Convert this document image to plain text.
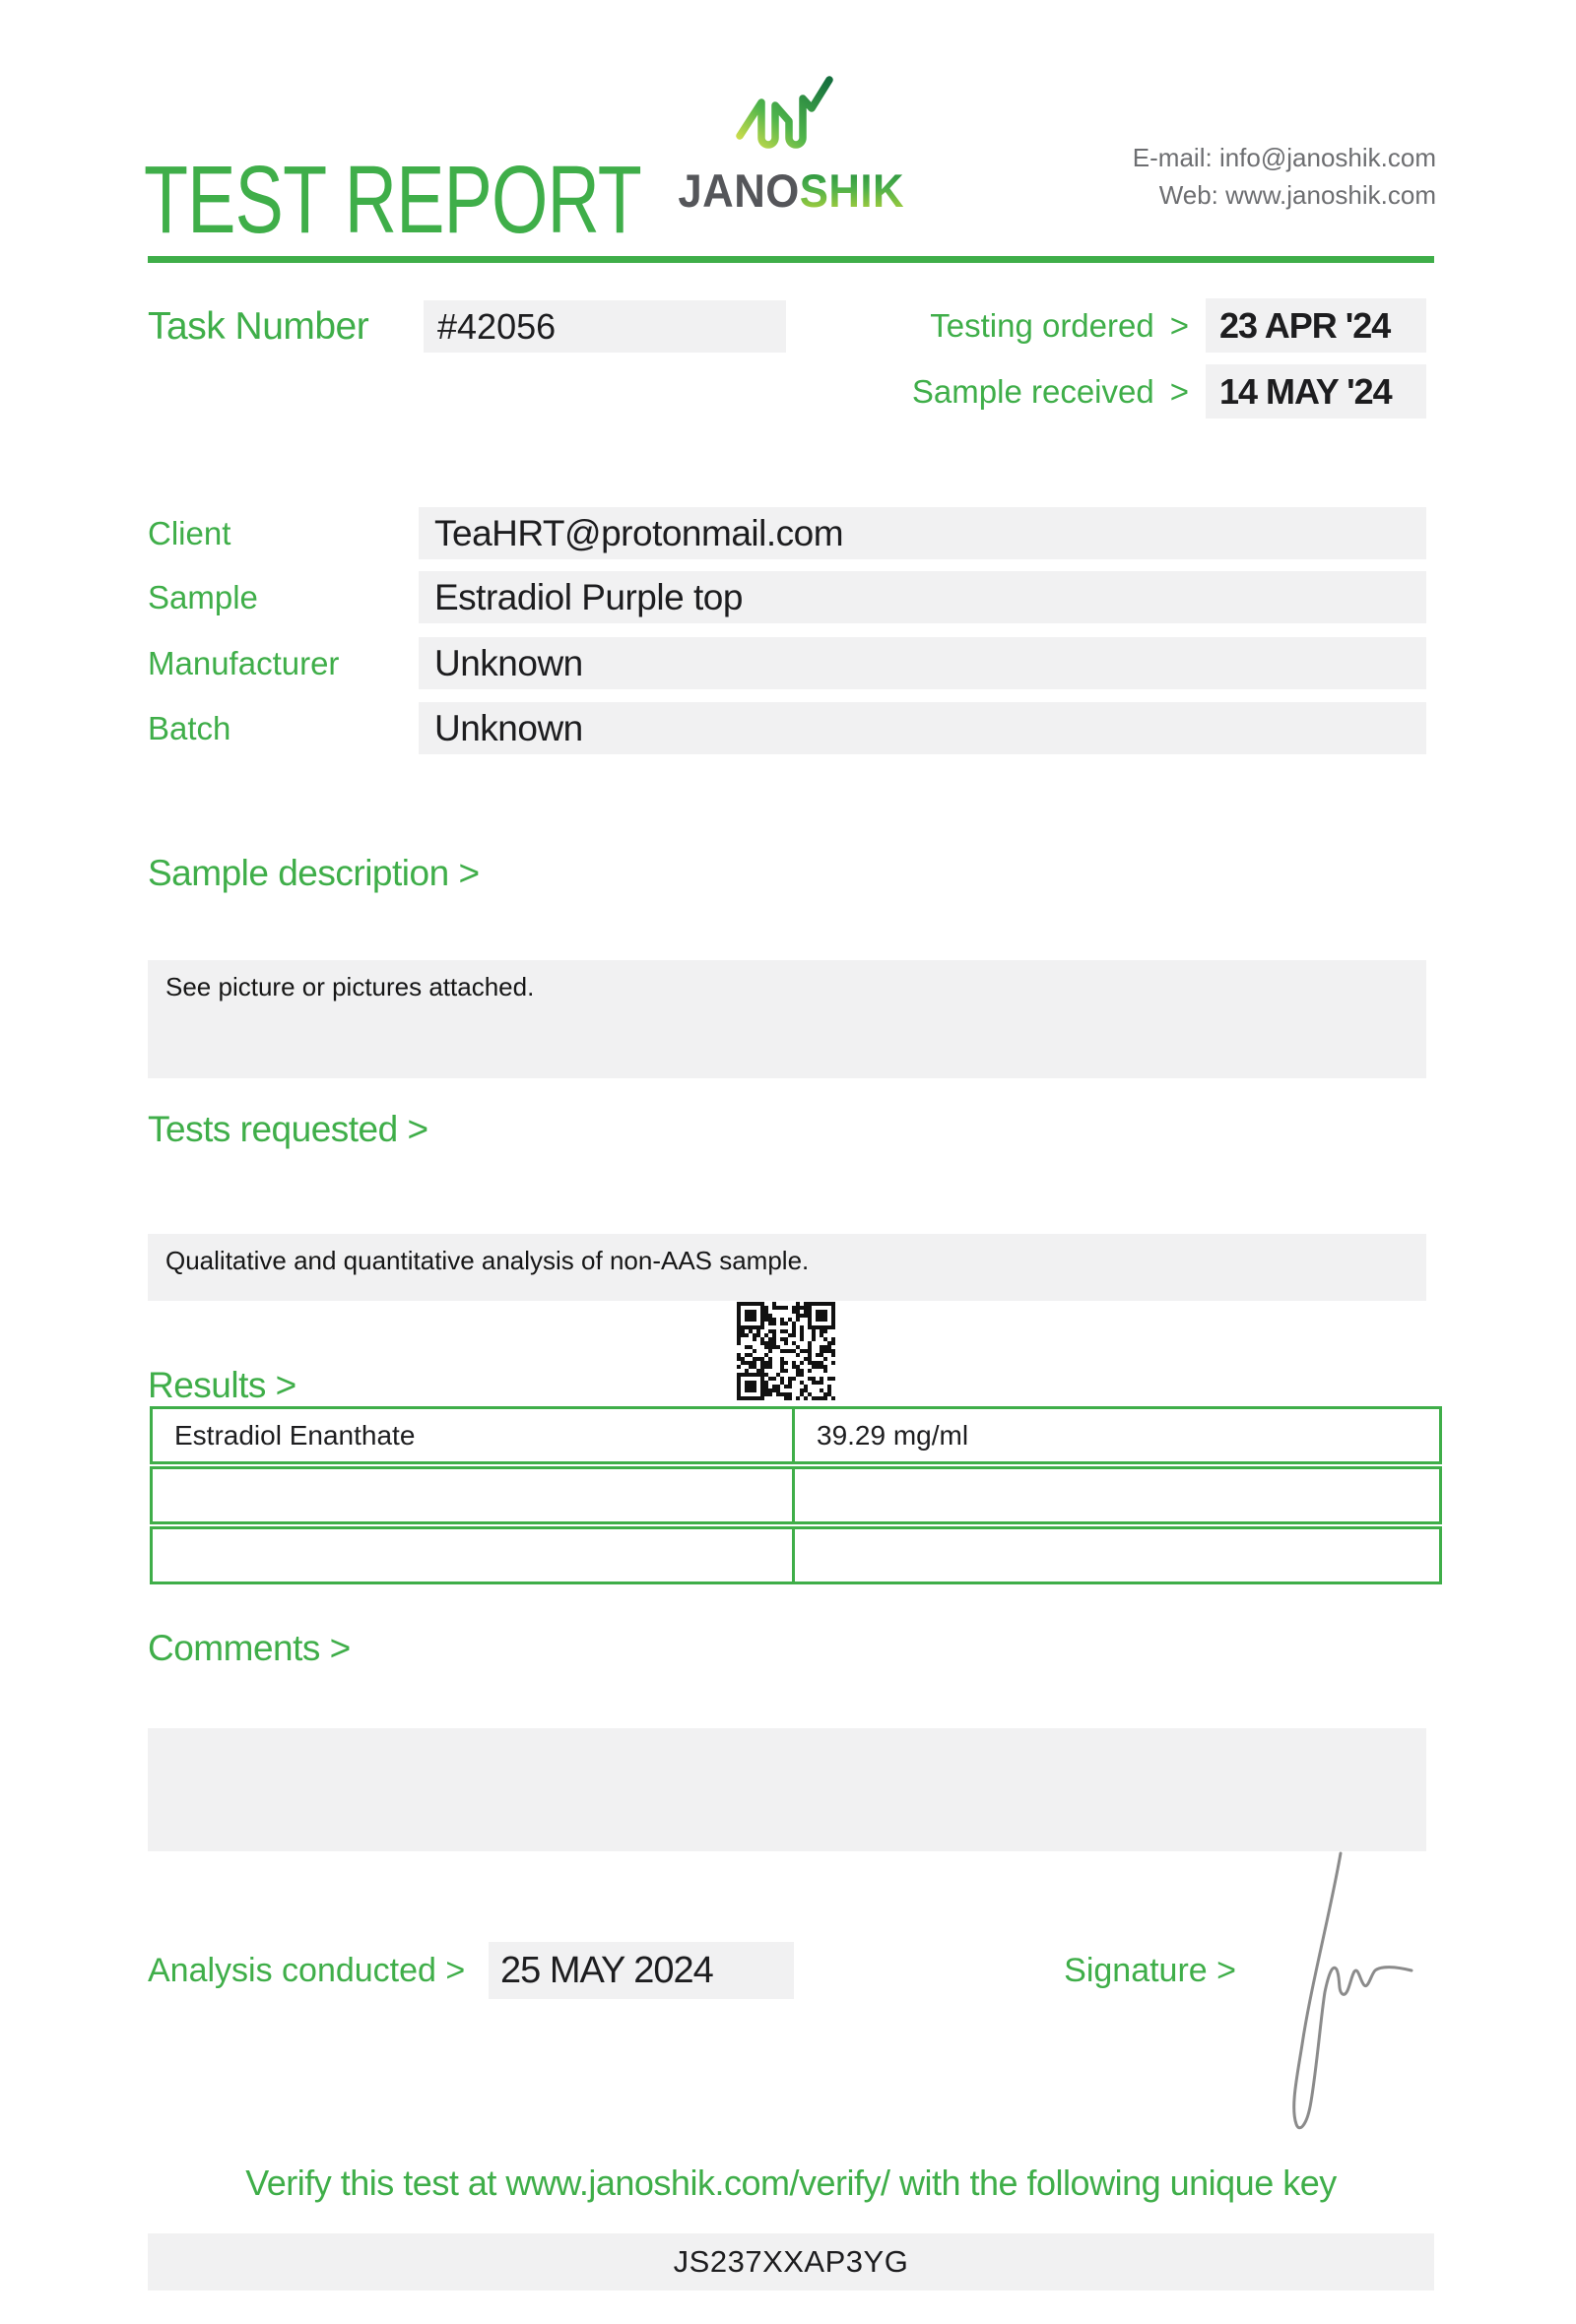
TEST REPORT JANOSHIK
E-mail: info@janoshik.com
Web: www.janoshik.com
Task Number #42056	Testing ordered > 23 APR '24
Sample received > 14 MAY '24
Client	TeaHRT@protonmail.com
Sample	Estradiol Purple top
Manufacturer	Unknown
Batch	Unknown
Sample description >
See picture or pictures attached.
Tests requested >
Qualitative and quantitative analysis of non-AAS sample.
Results >
Estradiol Enanthate	39.29 mg/ml
Comments >
Analysis conducted > 25 MAY 2024	Signature >
Verify this test at www.janoshik.com/verify/ with the following unique key
JS237XXAP3YG
